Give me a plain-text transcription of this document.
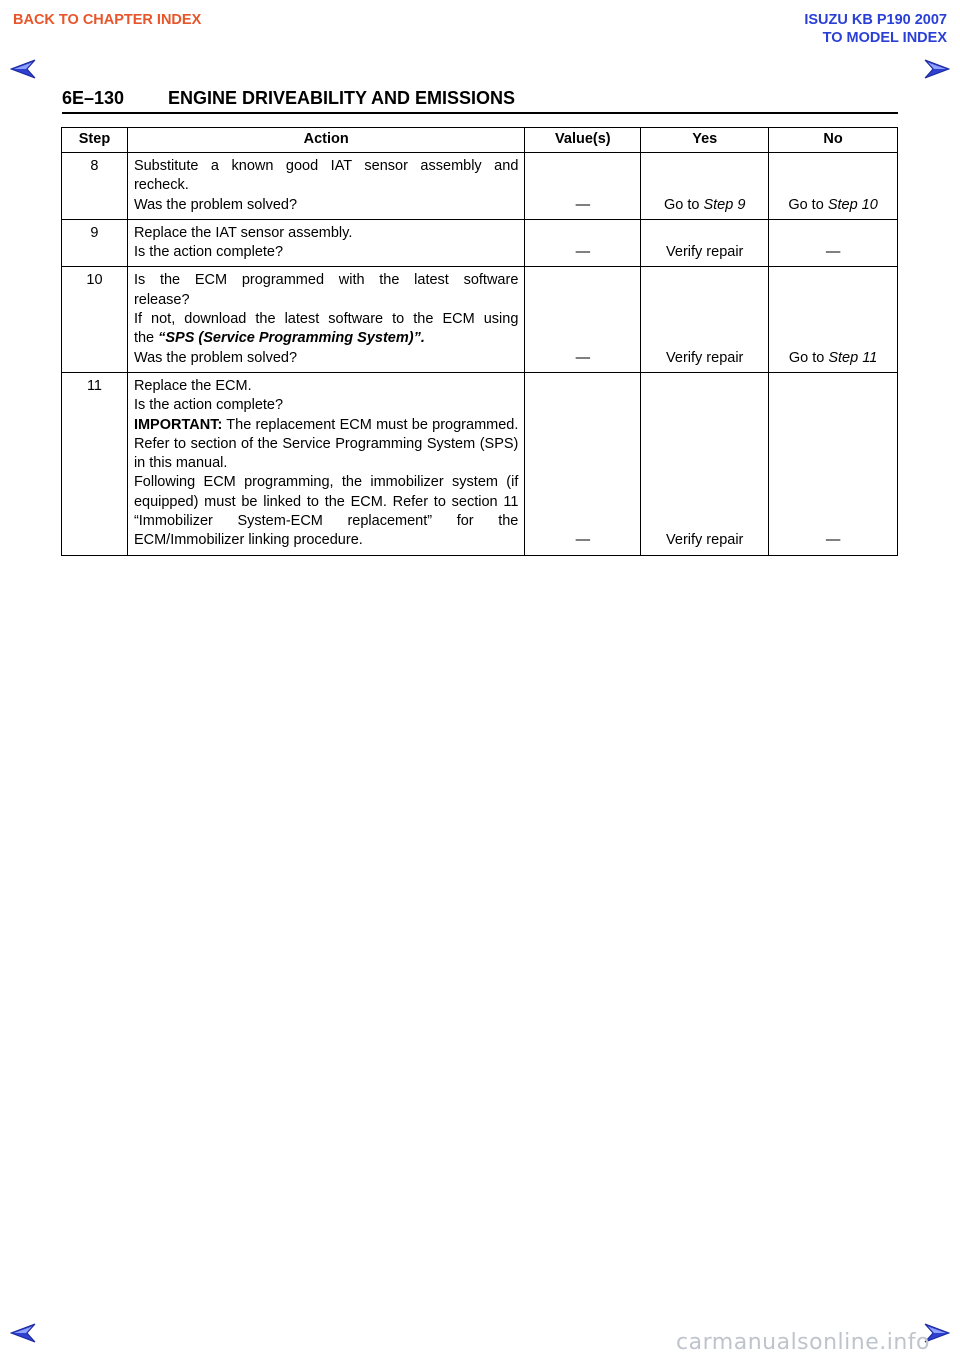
BACK TO CHAPTER INDEX	ISUZU KB P190 2007
TO MODEL INDEX
6E–130 ENGINE DRIVEABILITY AND EMISSIONS
Step	Action	Value(s)	Yes	No
8	Substitute a known good IAT sensor assembly and
recheck.
Was the problem solved?	—	Go to Step 9	Go to Step 10
9	Replace the IAT sensor assembly.
Is the action complete?	—	Verify repair	—
10	Is the ECM programmed with the latest software
release?
If not, download the latest software to the ECM using
the “SPS (Service Programming System)”.
Was the problem solved?	—	Verify repair	Go to Step 11
11	Replace the ECM.
Is the action complete?
IMPORTANT: The replacement ECM must be programmed. Refer to section of the Service Programming System (SPS) in this manual.
Following ECM programming, the immobilizer system (if equipped) must be linked to the ECM. Refer to section 11 “Immobilizer System-ECM replacement” for the ECM/Immobilizer linking procedure.	—	Verify repair	—
carmanualsonline.info
